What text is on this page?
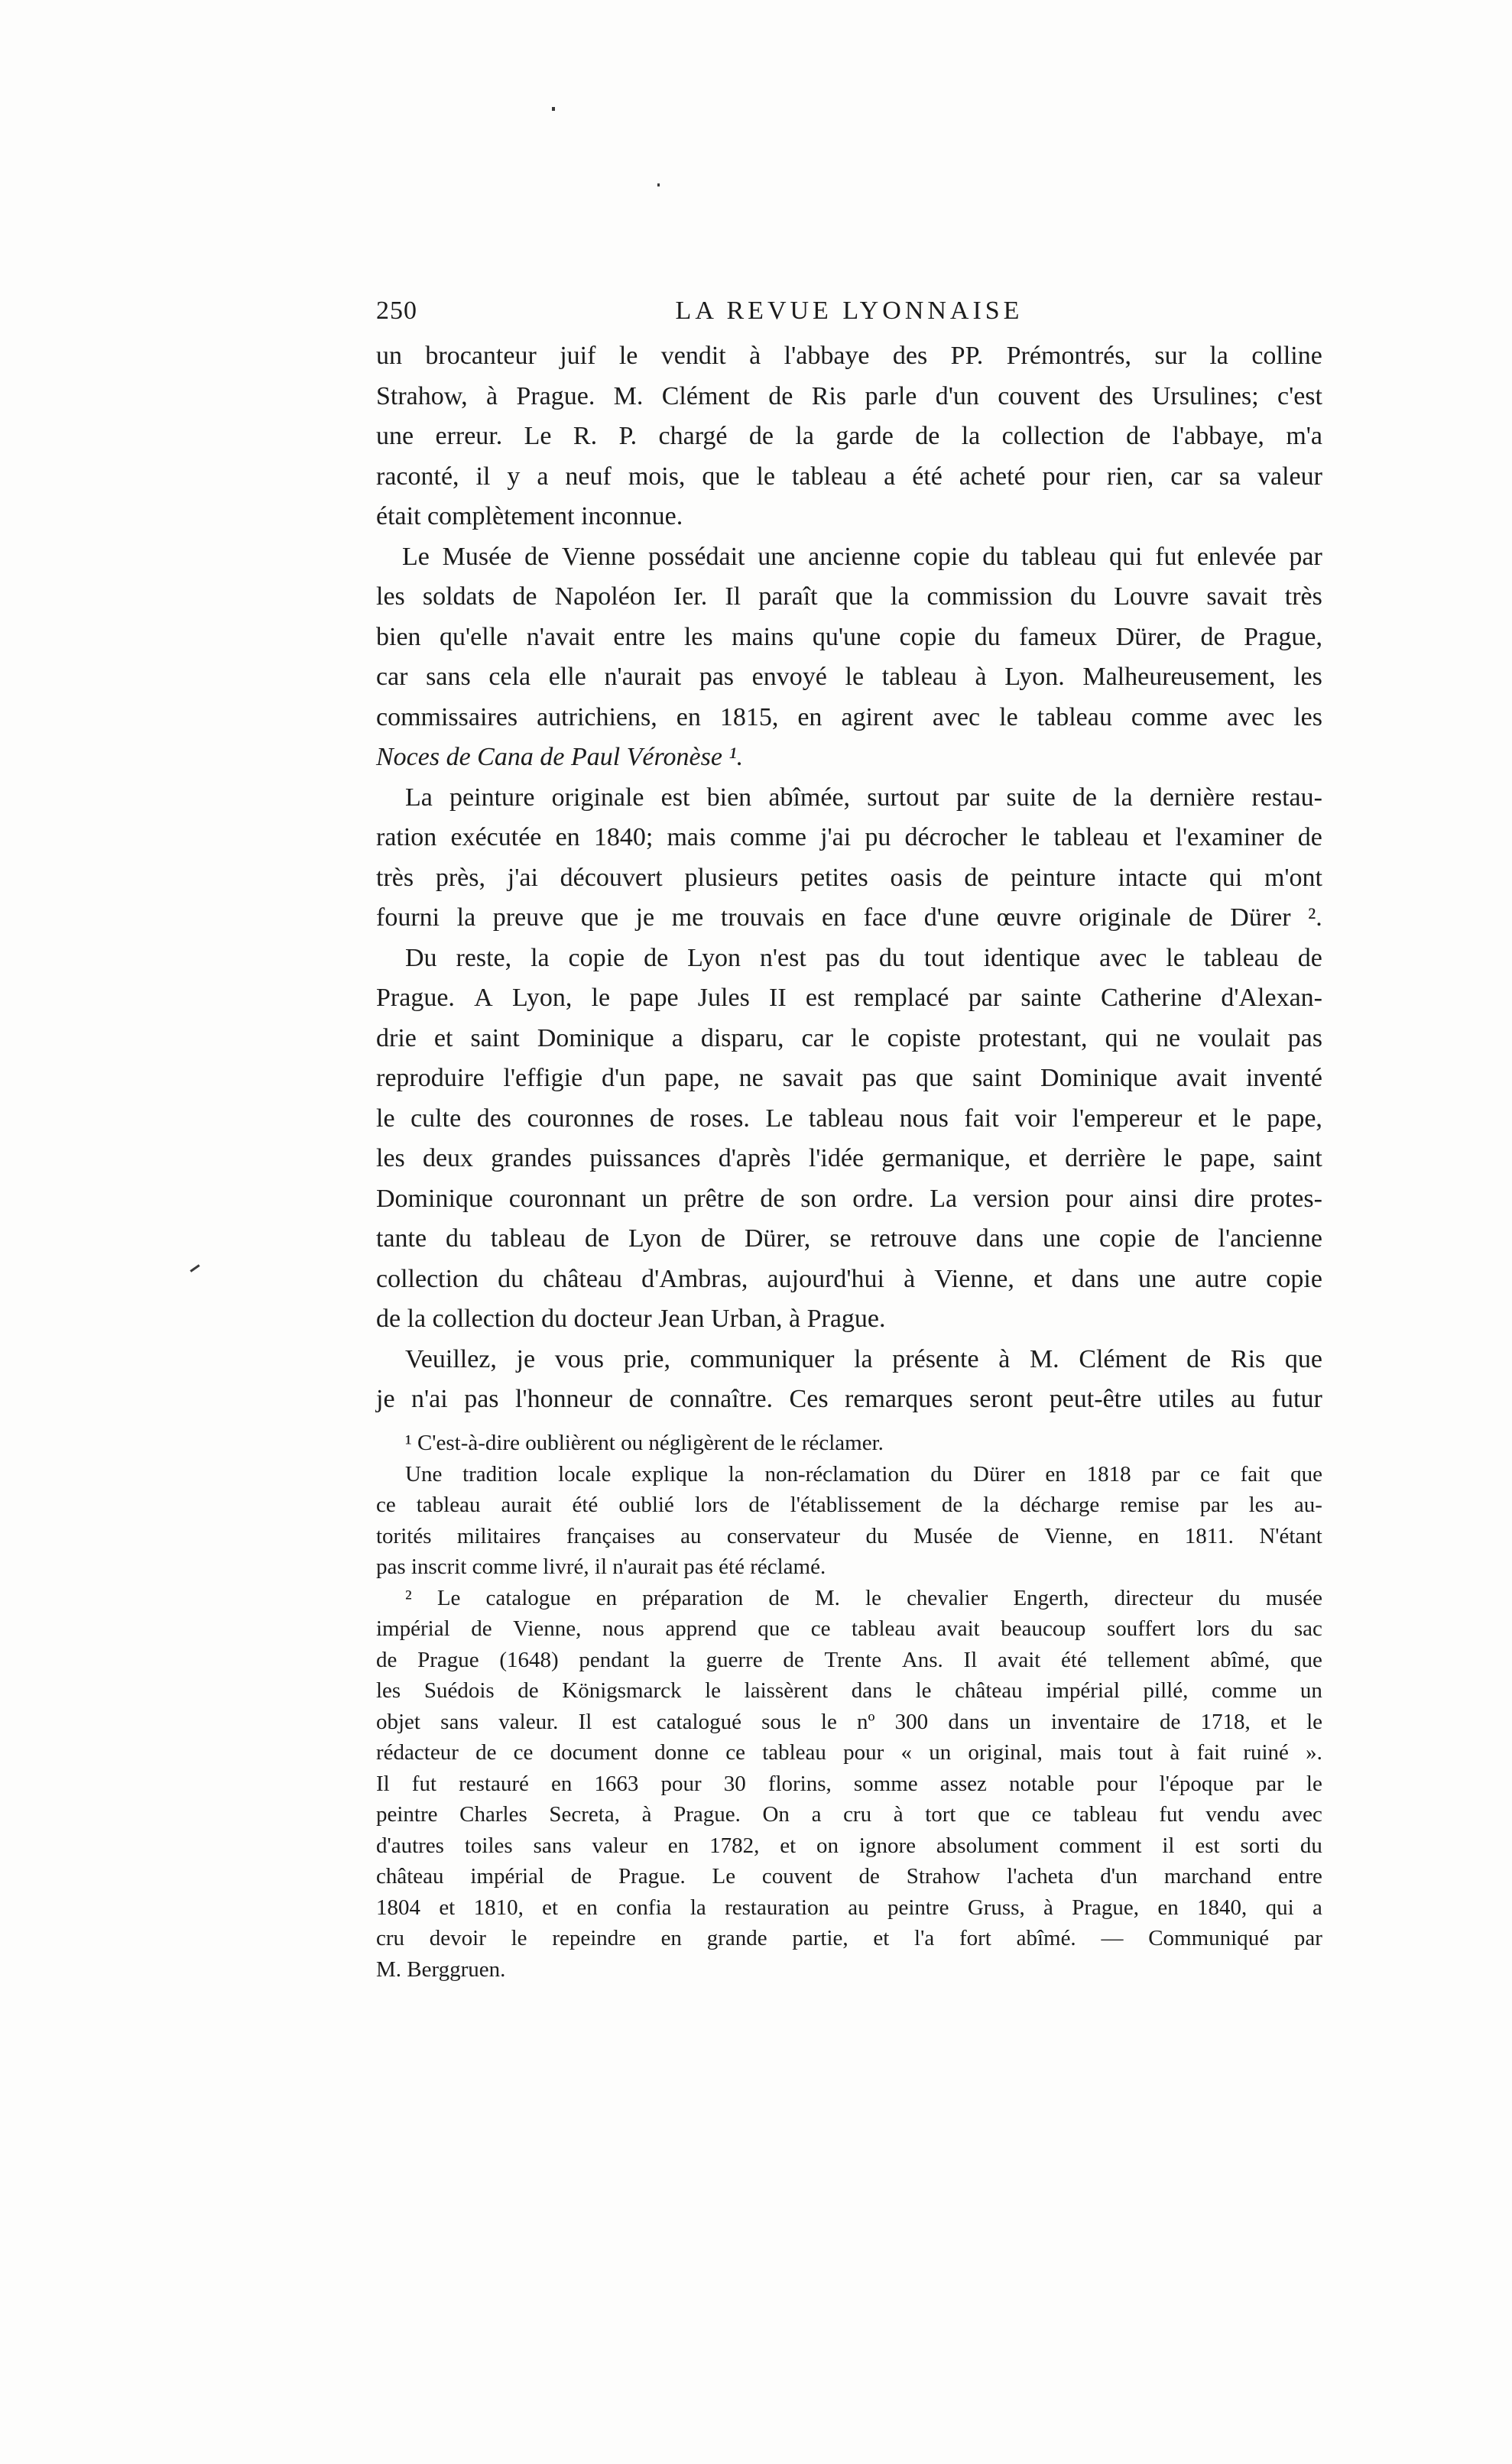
250	LA REVUE LYONNAISE
un brocanteur juif le vendit à l'abbaye des PP. Prémontrés, sur la colline
Strahow, à Prague. M. Clément de Ris parle d'un couvent des Ursulines; c'est
une erreur. Le R. P. chargé de la garde de la collection de l'abbaye, m'a
raconté, il y a neuf mois, que le tableau a été acheté pour rien, car sa valeur
était complètement inconnue.
Le Musée de Vienne possédait une ancienne copie du tableau qui fut enlevée par
les soldats de Napoléon Ier. Il paraît que la commission du Louvre savait très
bien qu'elle n'avait entre les mains qu'une copie du fameux Dürer, de Prague,
car sans cela elle n'aurait pas envoyé le tableau à Lyon. Malheureusement, les
commissaires autrichiens, en 1815, en agirent avec le tableau comme avec les
Noces de Cana de Paul Véronèse ¹.
La peinture originale est bien abîmée, surtout par suite de la dernière restau-
ration exécutée en 1840; mais comme j'ai pu décrocher le tableau et l'examiner de
très près, j'ai découvert plusieurs petites oasis de peinture intacte qui m'ont
fourni la preuve que je me trouvais en face d'une œuvre originale de Dürer ².
Du reste, la copie de Lyon n'est pas du tout identique avec le tableau de
Prague. A Lyon, le pape Jules II est remplacé par sainte Catherine d'Alexan-
drie et saint Dominique a disparu, car le copiste protestant, qui ne voulait pas
reproduire l'effigie d'un pape, ne savait pas que saint Dominique avait inventé
le culte des couronnes de roses. Le tableau nous fait voir l'empereur et le pape,
les deux grandes puissances d'après l'idée germanique, et derrière le pape, saint
Dominique couronnant un prêtre de son ordre. La version pour ainsi dire protes-
tante du tableau de Lyon de Dürer, se retrouve dans une copie de l'ancienne
collection du château d'Ambras, aujourd'hui à Vienne, et dans une autre copie
de la collection du docteur Jean Urban, à Prague.
Veuillez, je vous prie, communiquer la présente à M. Clément de Ris que
je n'ai pas l'honneur de connaître. Ces remarques seront peut-être utiles au futur
¹ C'est-à-dire oublièrent ou négligèrent de le réclamer.
Une tradition locale explique la non-réclamation du Dürer en 1818 par ce fait que
ce tableau aurait été oublié lors de l'établissement de la décharge remise par les au-
torités militaires françaises au conservateur du Musée de Vienne, en 1811. N'étant
pas inscrit comme livré, il n'aurait pas été réclamé.
² Le catalogue en préparation de M. le chevalier Engerth, directeur du musée
impérial de Vienne, nous apprend que ce tableau avait beaucoup souffert lors du sac
de Prague (1648) pendant la guerre de Trente Ans. Il avait été tellement abîmé, que
les Suédois de Königsmarck le laissèrent dans le château impérial pillé, comme un
objet sans valeur. Il est catalogué sous le nº 300 dans un inventaire de 1718, et le
rédacteur de ce document donne ce tableau pour « un original, mais tout à fait ruiné ».
Il fut restauré en 1663 pour 30 florins, somme assez notable pour l'époque par le
peintre Charles Secreta, à Prague. On a cru à tort que ce tableau fut vendu avec
d'autres toiles sans valeur en 1782, et on ignore absolument comment il est sorti du
château impérial de Prague. Le couvent de Strahow l'acheta d'un marchand entre
1804 et 1810, et en confia la restauration au peintre Gruss, à Prague, en 1840, qui a
cru devoir le repeindre en grande partie, et l'a fort abîmé. — Communiqué par
M. Berggruen.
